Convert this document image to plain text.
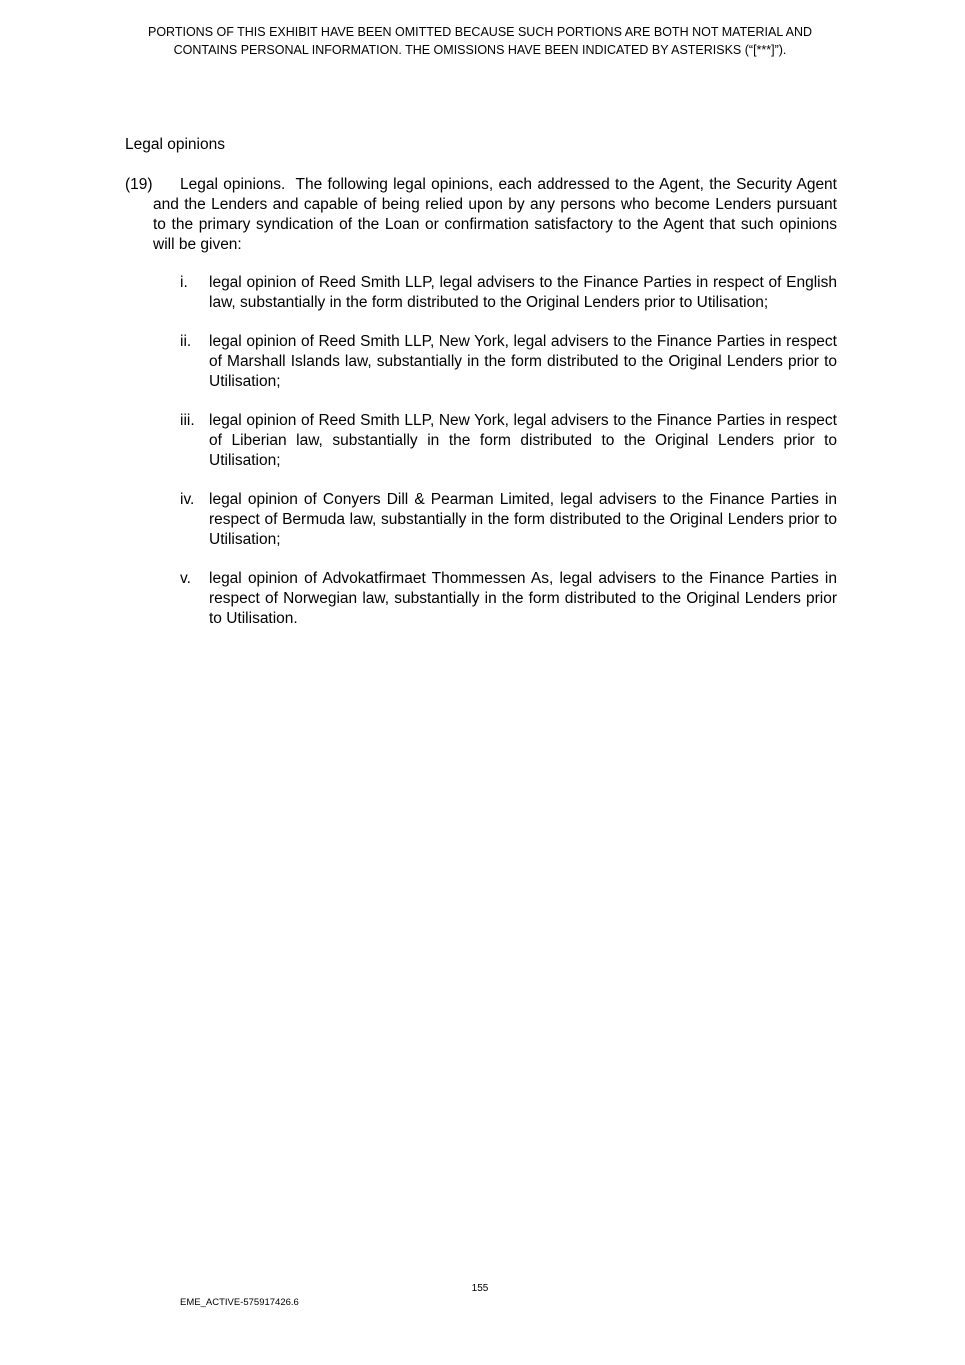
PORTIONS OF THIS EXHIBIT HAVE BEEN OMITTED BECAUSE SUCH PORTIONS ARE BOTH NOT MATERIAL AND
CONTAINS PERSONAL INFORMATION. THE OMISSIONS HAVE BEEN INDICATED BY ASTERISKS (“[***]”).
Legal opinions
(19) Legal opinions. The following legal opinions, each addressed to the Agent, the Security Agent and the Lenders and capable of being relied upon by any persons who become Lenders pursuant to the primary syndication of the Loan or confirmation satisfactory to the Agent that such opinions will be given:
i. legal opinion of Reed Smith LLP, legal advisers to the Finance Parties in respect of English law, substantially in the form distributed to the Original Lenders prior to Utilisation;
ii. legal opinion of Reed Smith LLP, New York, legal advisers to the Finance Parties in respect of Marshall Islands law, substantially in the form distributed to the Original Lenders prior to Utilisation;
iii. legal opinion of Reed Smith LLP, New York, legal advisers to the Finance Parties in respect of Liberian law, substantially in the form distributed to the Original Lenders prior to Utilisation;
iv. legal opinion of Conyers Dill & Pearman Limited, legal advisers to the Finance Parties in respect of Bermuda law, substantially in the form distributed to the Original Lenders prior to Utilisation;
v. legal opinion of Advokatfirmaet Thommessen As, legal advisers to the Finance Parties in respect of Norwegian law, substantially in the form distributed to the Original Lenders prior to Utilisation.
155
EME_ACTIVE-575917426.6
